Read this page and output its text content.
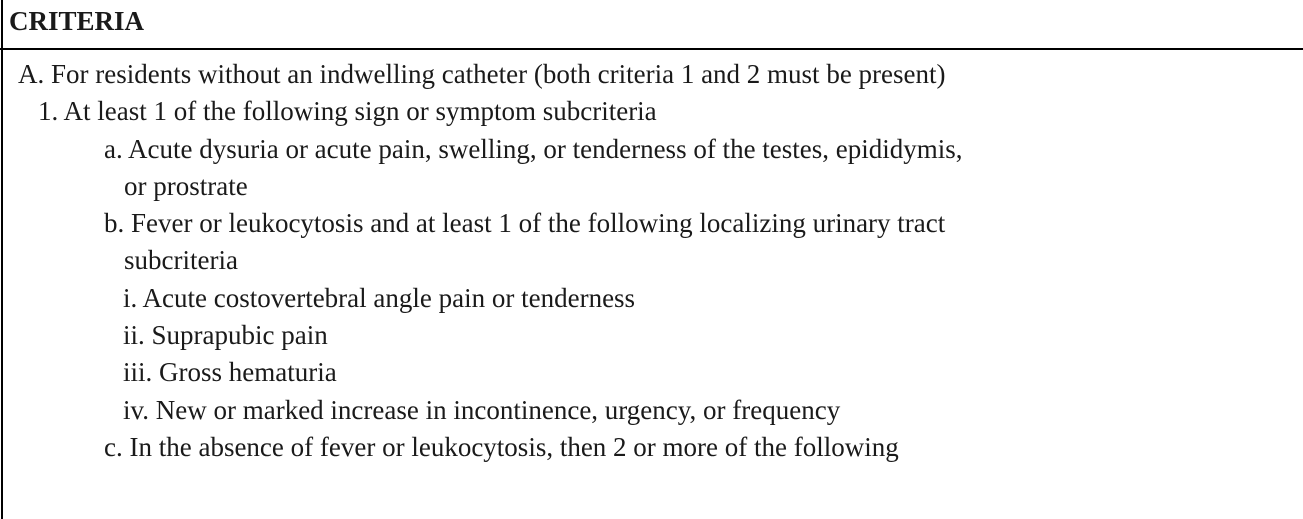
CRITERIA
A. For residents without an indwelling catheter (both criteria 1 and 2 must be present)
1. At least 1 of the following sign or symptom subcriteria
a. Acute dysuria or acute pain, swelling, or tenderness of the testes, epididymis,
or prostrate
b. Fever or leukocytosis and at least 1 of the following localizing urinary tract
subcriteria
i. Acute costovertebral angle pain or tenderness
ii. Suprapubic pain
iii. Gross hematuria
iv. New or marked increase in incontinence, urgency, or frequency
c. In the absence of fever or leukocytosis, then 2 or more of the following
